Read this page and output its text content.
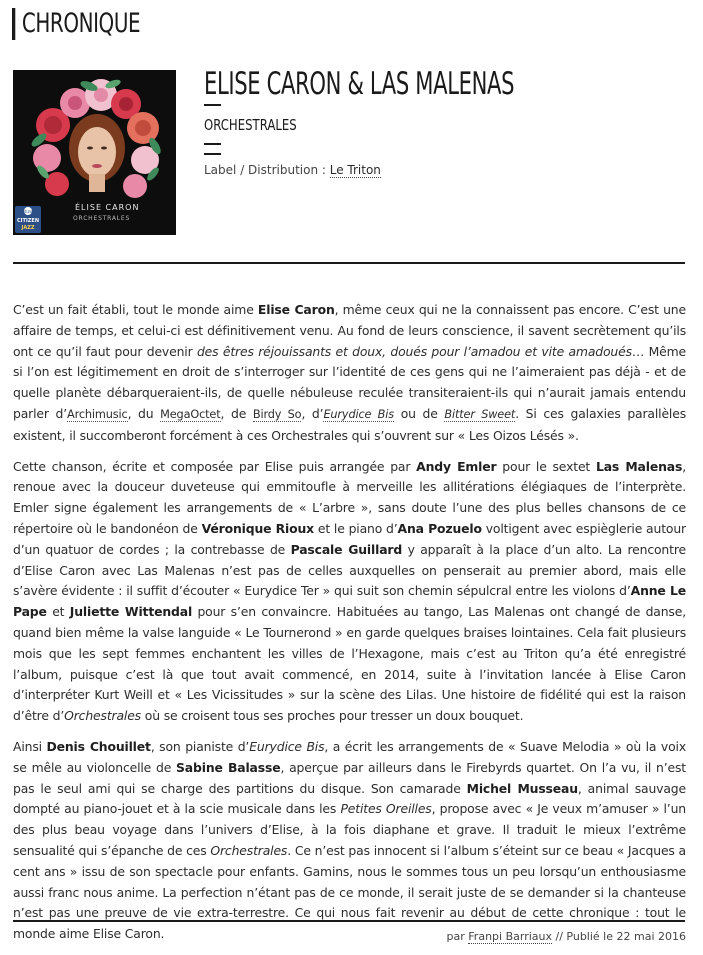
CHRONIQUE
ÉLISE CARON
ORCHESTRALES
citizen
CITIZEN
JAZZ
ELISE CARON & LAS MALENAS
ORCHESTRALES
Label / Distribution : Le Triton

C’est un fait établi, tout le monde aime Elise Caron, même ceux qui ne la connaissent pas encore. C’est une affaire de temps, et celui-ci est définitivement venu. Au fond de leurs conscience, il savent secrètement qu’ils ont ce qu’il faut pour devenir des êtres réjouissants et doux, doués pour l’amadou et vite amadoués… Même si l’on est légitimement en droit de s’interroger sur l’identité de ces gens qui ne l’aimeraient pas déjà - et de quelle planète débarqueraient-ils, de quelle nébuleuse reculée transiteraient-ils qui n’aurait jamais entendu parler d’Archimusic, du MegaOctet, de Birdy So, d’Eurydice Bis ou de Bitter Sweet. Si ces galaxies parallèles existent, il succomberont forcément à ces Orchestrales qui s’ouvrent sur « Les Oizos Lésés ».

Cette chanson, écrite et composée par Elise puis arrangée par Andy Emler pour le sextet Las Malenas, renoue avec la douceur duveteuse qui emmitoufle à merveille les allitérations élégiaques de l’interprète. Emler signe également les arrangements de « L’arbre », sans doute l’une des plus belles chansons de ce répertoire où le bandonéon de Véronique Rioux et le piano d’Ana Pozuelo voltigent avec espièglerie autour d’un quatuor de cordes ; la contrebasse de Pascale Guillard y apparaît à la place d’un alto. La rencontre d’Elise Caron avec Las Malenas n’est pas de celles auxquelles on penserait au premier abord, mais elle s’avère évidente : il suffit d’écouter « Eurydice Ter » qui suit son chemin sépulcral entre les violons d’Anne Le Pape et Juliette Wittendal pour s’en convaincre. Habituées au tango, Las Malenas ont changé de danse, quand bien même la valse languide « Le Tournerond » en garde quelques braises lointaines. Cela fait plusieurs mois que les sept femmes enchantent les villes de l’Hexagone, mais c’est au Triton qu’a été enregistré l’album, puisque c’est là que tout avait commencé, en 2014, suite à l’invitation lancée à Elise Caron d’interpréter Kurt Weill et « Les Vicissitudes » sur la scène des Lilas. Une histoire de fidélité qui est la raison d’être d’Orchestrales où se croisent tous ses proches pour tresser un doux bouquet.

Ainsi Denis Chouillet, son pianiste d’Eurydice Bis, a écrit les arrangements de « Suave Melodia » où la voix se mêle au violoncelle de Sabine Balasse, aperçue par ailleurs dans le Firebyrds quartet. On l’a vu, il n’est pas le seul ami qui se charge des partitions du disque. Son camarade Michel Musseau, animal sauvage dompté au piano-jouet et à la scie musicale dans les Petites Oreilles, propose avec « Je veux m’amuser » l’un des plus beau voyage dans l’univers d’Elise, à la fois diaphane et grave. Il traduit le mieux l’extrême sensualité qui s’épanche de ces Orchestrales. Ce n’est pas innocent si l’album s’éteint sur ce beau « Jacques a cent ans » issu de son spectacle pour enfants. Gamins, nous le sommes tous un peu lorsqu’un enthousiasme aussi franc nous anime. La perfection n’étant pas de ce monde, il serait juste de se demander si la chanteuse n’est pas une preuve de vie extra-terrestre. Ce qui nous fait revenir au début de cette chronique : tout le monde aime Elise Caron.	par Franpi Barriaux // Publié le 22 mai 2016
